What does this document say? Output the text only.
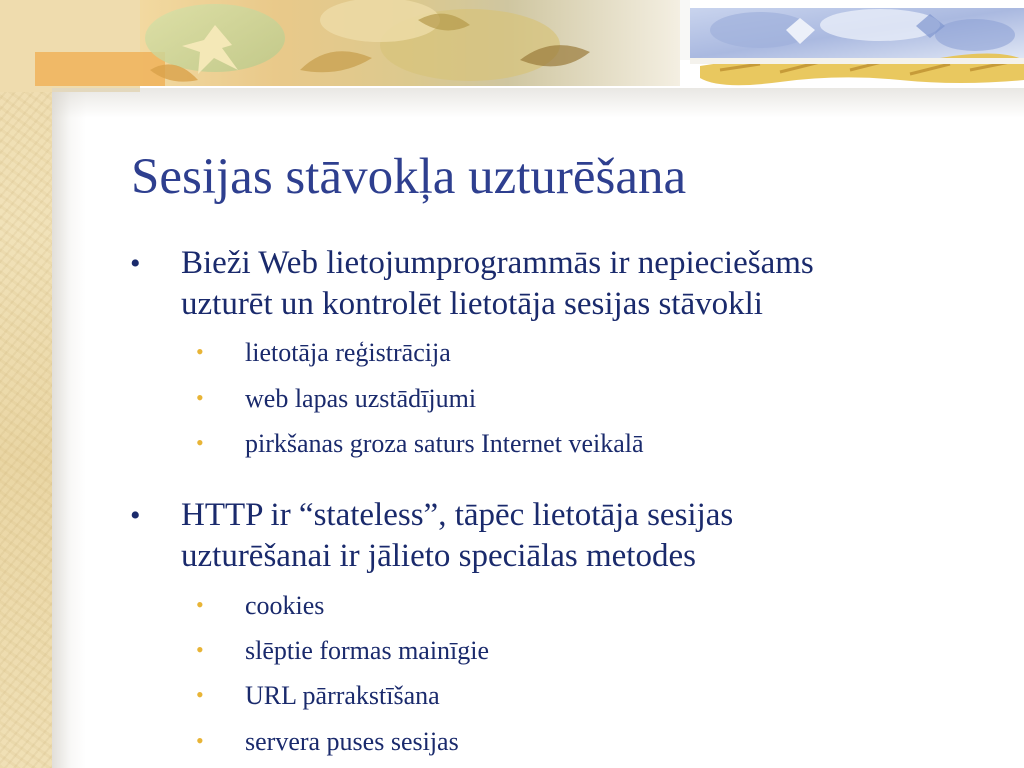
Sesijas stāvokļa uzturēšana
• Bieži Web lietojumprogrammās ir nepieciešams
uzturēt un kontrolēt lietotāja sesijas stāvokli
• lietotāja reģistrācija
• web lapas uzstādījumi
• pirkšanas groza saturs Internet veikalā
• HTTP ir “stateless”, tāpēc lietotāja sesijas
uzturēšanai ir jālieto speciālas metodes
• cookies
• slēptie formas mainīgie
• URL pārrakstīšana
• servera puses sesijas
